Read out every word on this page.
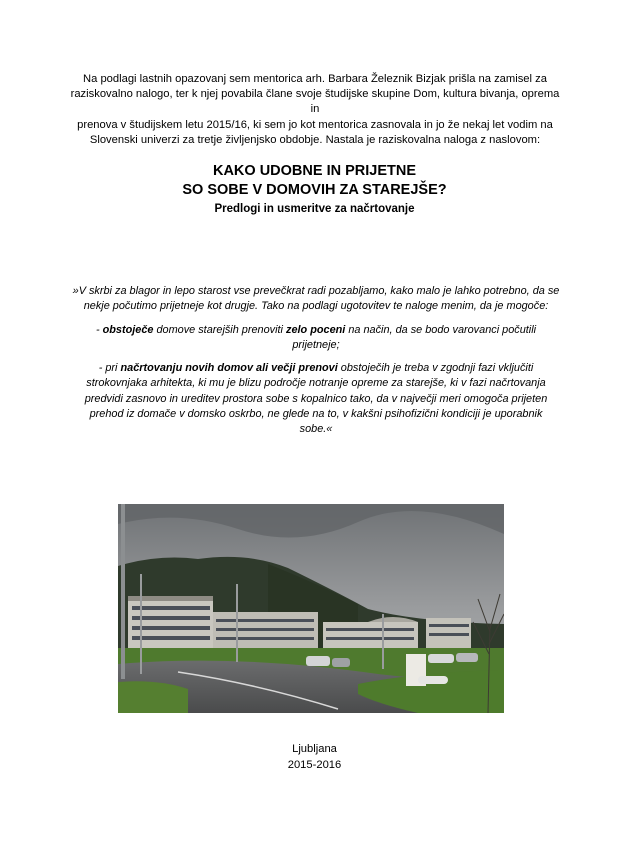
Na podlagi lastnih opazovanj sem mentorica arh. Barbara Železnik Bizjak prišla na zamisel za
raziskovalno nalogo, ter k njej povabila člane svoje študijske skupine Dom, kultura bivanja, oprema in
prenova v študijskem letu 2015/16, ki sem jo kot mentorica zasnovala in jo že nekaj let vodim na
Slovenski univerzi za tretje življenjsko obdobje. Nastala je raziskovalna naloga z naslovom:
KAKO UDOBNE IN PRIJETNE
SO SOBE V DOMOVIH ZA STAREJŠE?
Predlogi in usmeritve za načrtovanje

»V skrbi za blagor in lepo starost vse prevečkrat radi pozabljamo, kako malo je lahko potrebno, da se nekje počutimo prijetneje kot drugje. Tako na podlagi ugotovitev te naloge menim, da je mogoče:

- obstoječe domove starejših prenoviti zelo poceni na način, da se bodo varovanci počutili prijetneje;

- pri načrtovanju novih domov ali večji prenovi obstoječih je treba v zgodnji fazi vključiti strokovnjaka arhitekta, ki mu je blizu področje notranje opreme za starejše, ki v fazi načrtovanja predvidi zasnovo in ureditev prostora sobe s kopalnico tako, da v največji meri omogoča prijeten prehod iz domače v domsko oskrbo, ne glede na to, v kakšni psihofizični kondiciji je uporabnik sobe.«

Ljubljana
2015-2016
